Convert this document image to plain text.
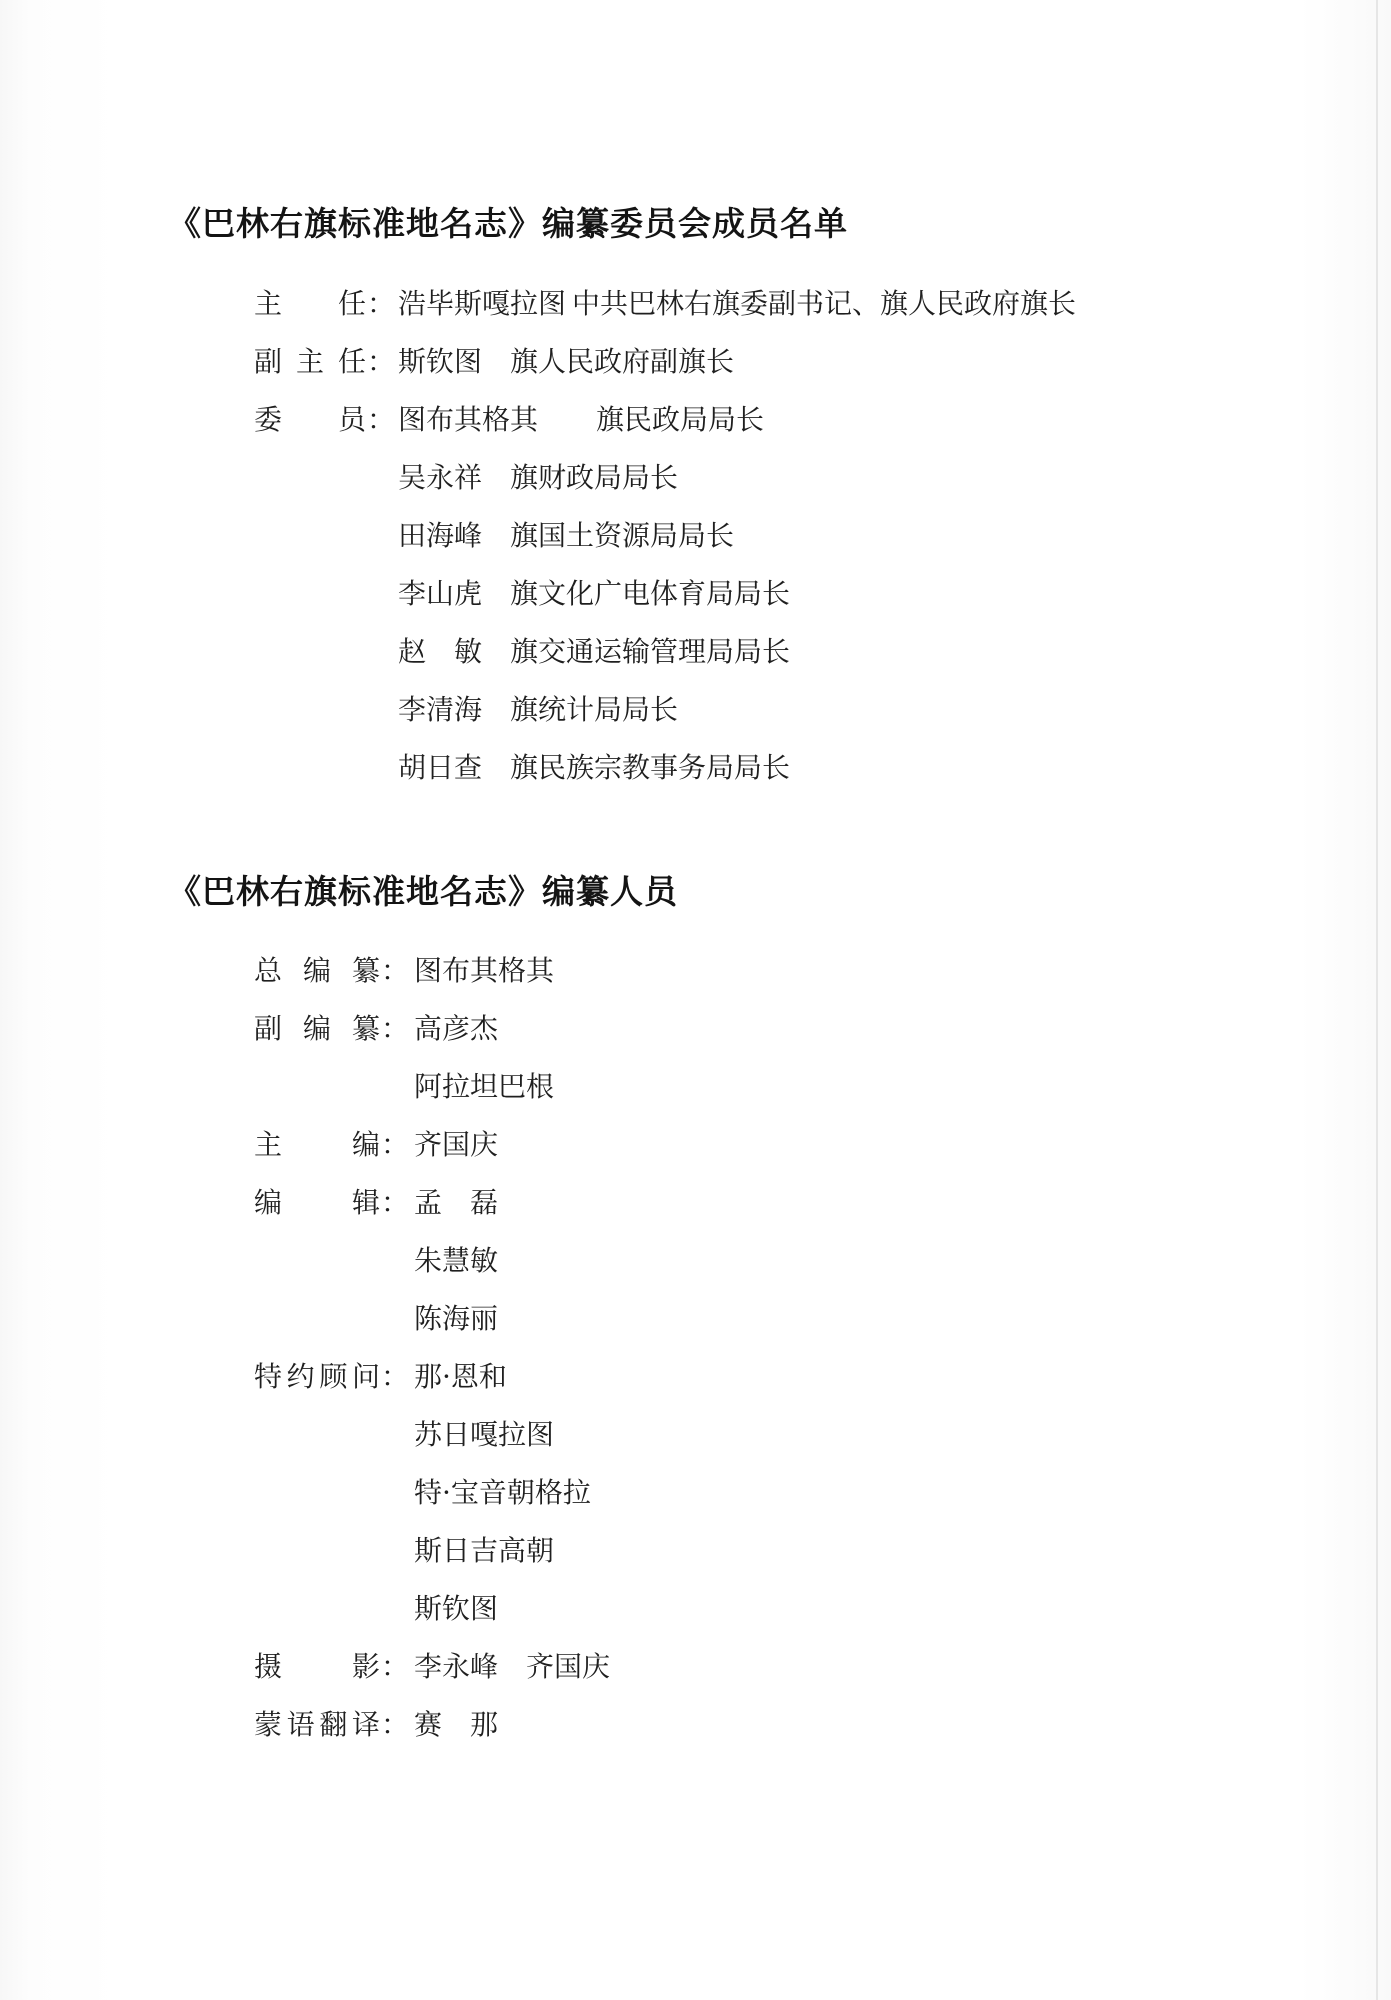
《巴林右旗标准地名志》编纂委员会成员名单
主　　任 ： 浩毕斯嘎拉图 中共巴林右旗委副书记、旗人民政府旗长
副 主 任 ： 斯钦图 旗人民政府副旗长
委　　员 ： 图布其格其 旗民政局局长
吴永祥 旗财政局局长
田海峰 旗国土资源局局长
李山虎 旗文化广电体育局局长
赵　敏 旗交通运输管理局局长
李清海 旗统计局局长
胡日查 旗民族宗教事务局局长
《巴林右旗标准地名志》编纂人员
总 编 纂 ： 图布其格其
副 编 纂 ： 高彦杰
阿拉坦巴根
主　　编 ： 齐国庆
编　　辑 ： 孟　磊
朱慧敏
陈海丽
特约顾问 ： 那·恩和
苏日嘎拉图
特·宝音朝格拉
斯日吉高朝
斯钦图
摄　　影 ： 李永峰　齐国庆
蒙语翻译 ： 赛　那
